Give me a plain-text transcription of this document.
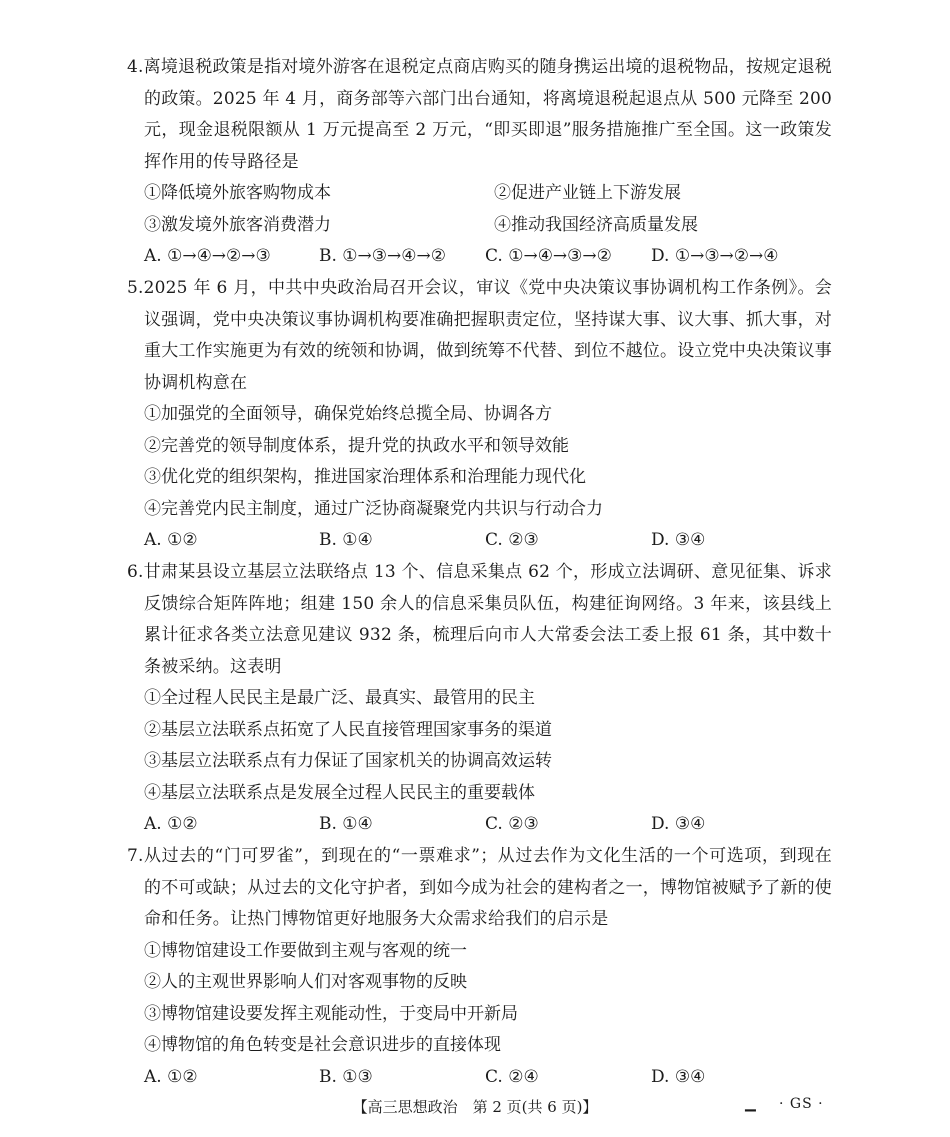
4.离境退税政策是指对境外游客在退税定点商店购买的随身携运出境的退税物品，按规定退税的政策。2025 年 4 月，商务部等六部门出台通知，将离境退税起退点从 500 元降至 200 元，现金退税限额从 1 万元提高至 2 万元，“即买即退”服务措施推广至全国。这一政策发挥作用的传导路径是
①降低境外旅客购物成本	②促进产业链上下游发展
③激发境外旅客消费潜力	④推动我国经济高质量发展
A. ①→④→②→③	B. ①→③→④→②	C. ①→④→③→②	D. ①→③→②→④
5.2025 年 6 月，中共中央政治局召开会议，审议《党中央决策议事协调机构工作条例》。会议强调，党中央决策议事协调机构要准确把握职责定位，坚持谋大事、议大事、抓大事，对重大工作实施更为有效的统领和协调，做到统筹不代替、到位不越位。设立党中央决策议事协调机构意在
①加强党的全面领导，确保党始终总揽全局、协调各方
②完善党的领导制度体系，提升党的执政水平和领导效能
③优化党的组织架构，推进国家治理体系和治理能力现代化
④完善党内民主制度，通过广泛协商凝聚党内共识与行动合力
A. ①②	B. ①④	C. ②③	D. ③④
6.甘肃某县设立基层立法联络点 13 个、信息采集点 62 个，形成立法调研、意见征集、诉求反馈综合矩阵阵地；组建 150 余人的信息采集员队伍，构建征询网络。3 年来，该县线上累计征求各类立法意见建议 932 条，梳理后向市人大常委会法工委上报 61 条，其中数十条被采纳。这表明
①全过程人民民主是最广泛、最真实、最管用的民主
②基层立法联系点拓宽了人民直接管理国家事务的渠道
③基层立法联系点有力保证了国家机关的协调高效运转
④基层立法联系点是发展全过程人民民主的重要载体
A. ①②	B. ①④	C. ②③	D. ③④
7.从过去的“门可罗雀”，到现在的“一票难求”；从过去作为文化生活的一个可选项，到现在的不可或缺；从过去的文化守护者，到如今成为社会的建构者之一，博物馆被赋予了新的使命和任务。让热门博物馆更好地服务大众需求给我们的启示是
①博物馆建设工作要做到主观与客观的统一
②人的主观世界影响人们对客观事物的反映
③博物馆建设要发挥主观能动性，于变局中开新局
④博物馆的角色转变是社会意识进步的直接体现
A. ①②	B. ①③	C. ②④	D. ③④
【高三思想政治　第 2 页(共 6 页)】	▁ · GS ·
